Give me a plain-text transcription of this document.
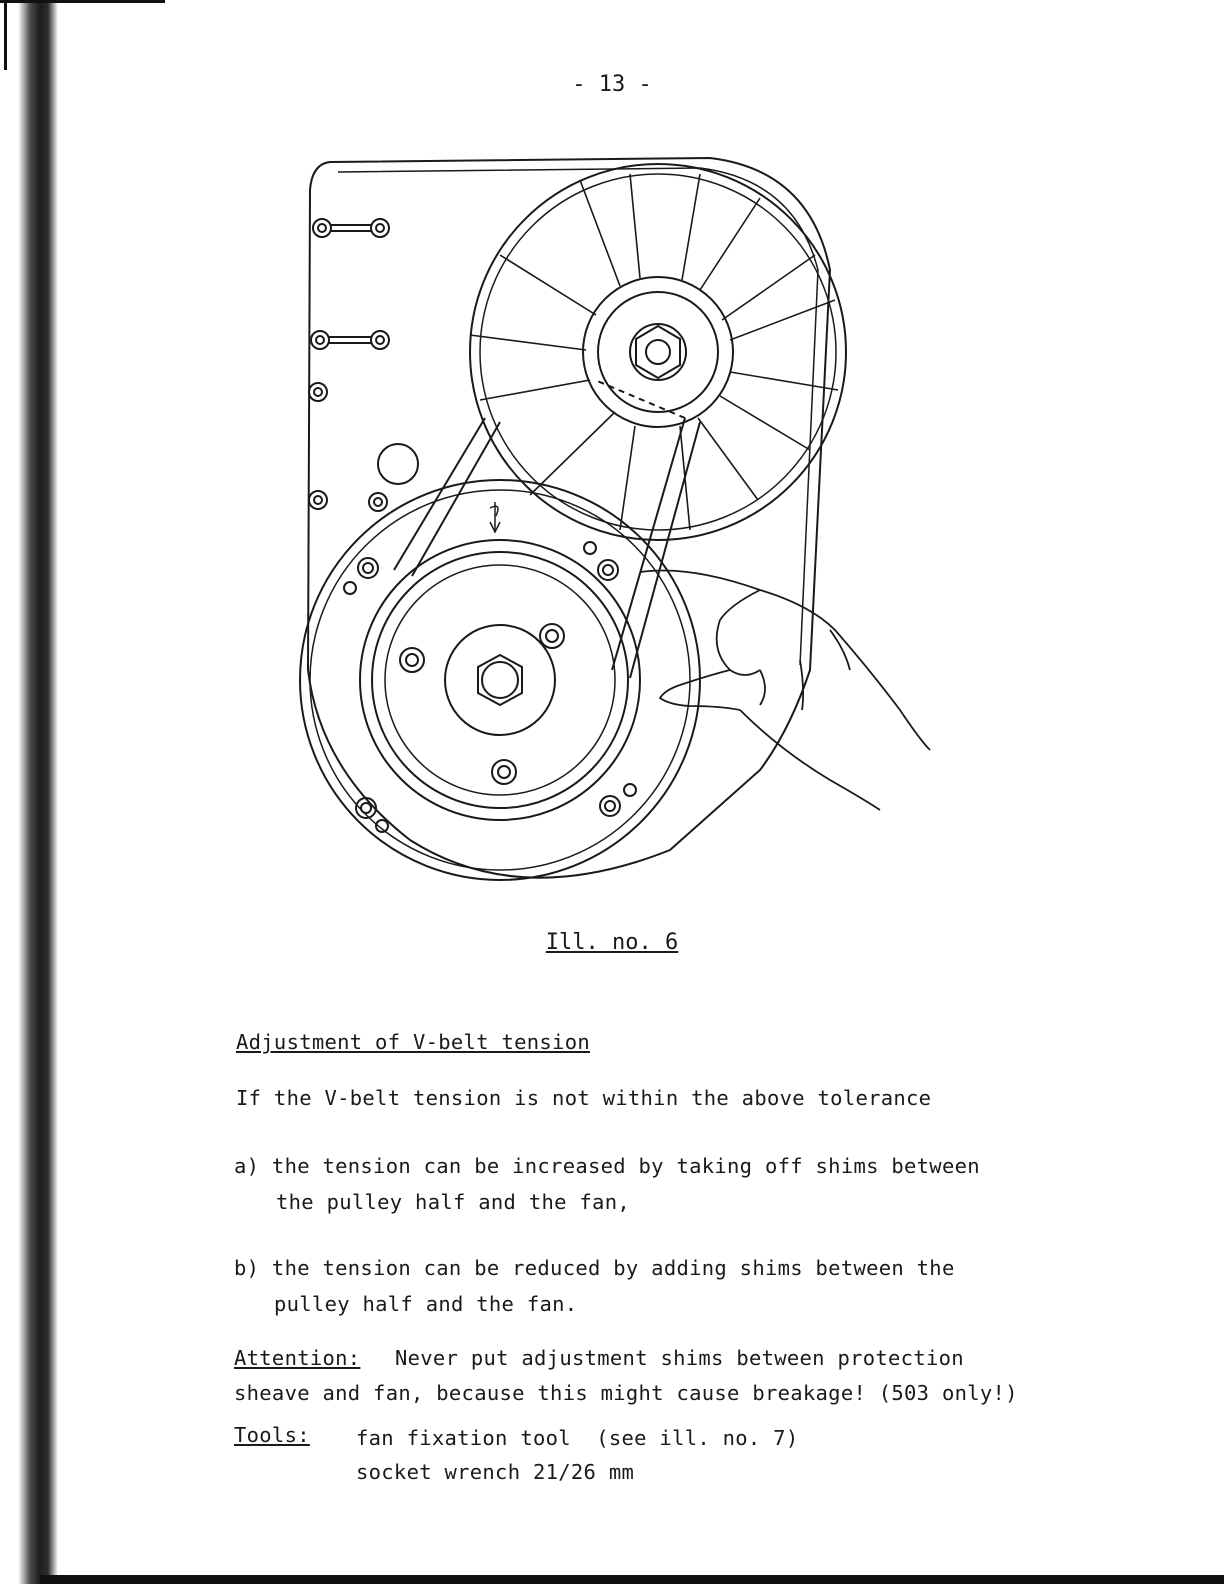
- 13 -
Ill. no. 6
Adjustment of V-belt tension
If the V-belt tension is not within the above tolerance
a) the tension can be increased by taking off shims between
the pulley half and the fan,
b) the tension can be reduced by adding shims between the
pulley half and the fan.
Attention: Never put adjustment shims between protection
sheave and fan, because this might cause breakage! (503 only!)
Tools: fan fixation tool  (see ill. no. 7)
socket wrench 21/26 mm
